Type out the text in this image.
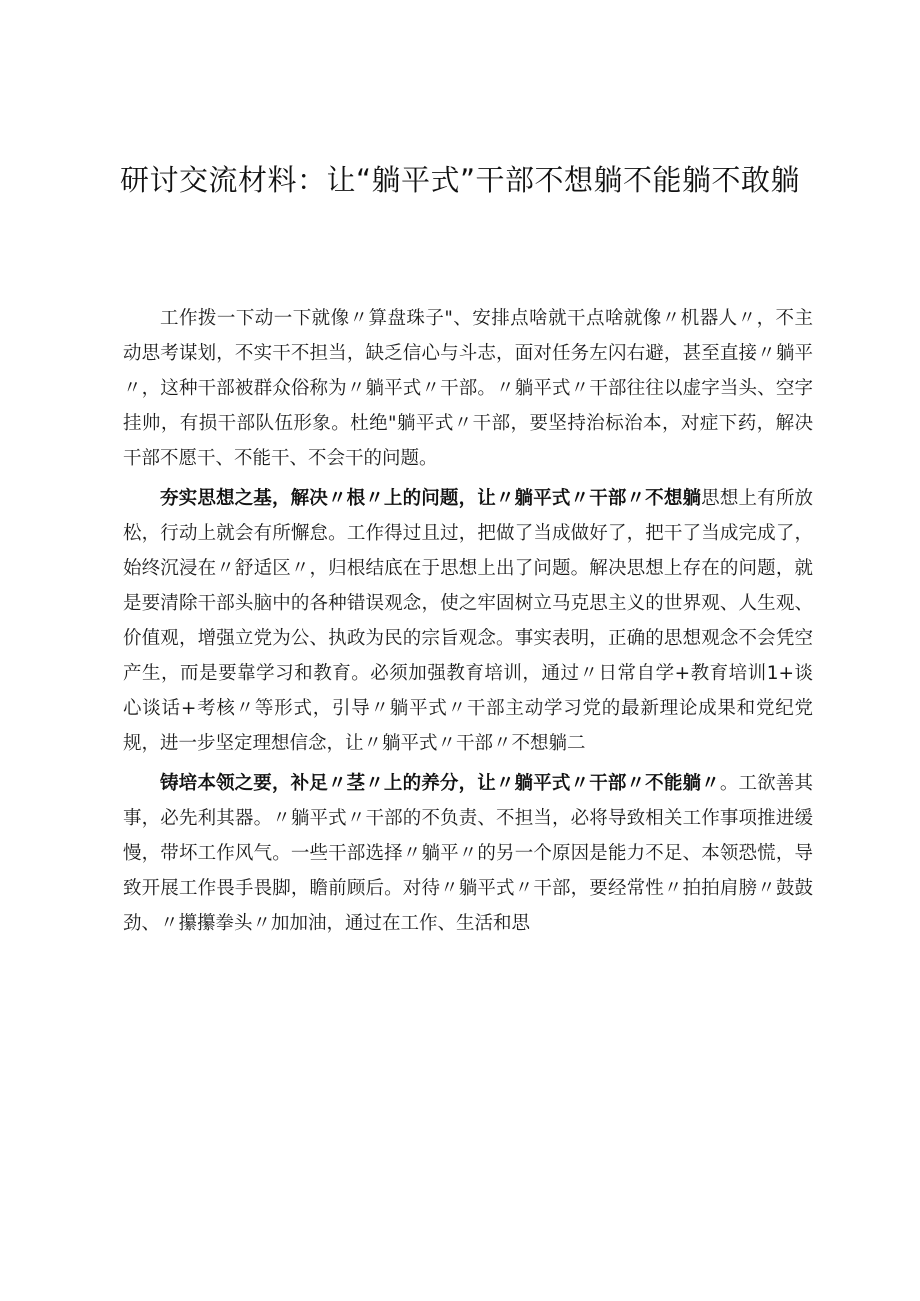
研讨交流材料：让“躺平式”干部不想躺不能躺不敢躺

工作拨一下动一下就像〃算盘珠子"、安排点啥就干点啥就像〃机器人〃，不主动思考谋划，不实干不担当，缺乏信心与斗志，面对任务左闪右避，甚至直接〃躺平〃，这种干部被群众俗称为〃躺平式〃干部。〃躺平式〃干部往往以虚字当头、空字挂帅，有损干部队伍形象。杜绝"躺平式〃干部，要坚持治标治本，对症下药，解决干部不愿干、不能干、不会干的问题。

夯实思想之基，解决〃根〃上的问题，让〃躺平式〃干部〃不想躺思想上有所放松，行动上就会有所懈怠。工作得过且过，把做了当成做好了，把干了当成完成了，始终沉浸在〃舒适区〃，归根结底在于思想上出了问题。解决思想上存在的问题，就是要清除干部头脑中的各种错误观念，使之牢固树立马克思主义的世界观、人生观、价值观，增强立党为公、执政为民的宗旨观念。事实表明，正确的思想观念不会凭空产生，而是要靠学习和教育。必须加强教育培训，通过〃日常自学+教育培训1+谈心谈话+考核〃等形式，引导〃躺平式〃干部主动学习党的最新理论成果和党纪党规，进一步坚定理想信念，让〃躺平式〃干部〃不想躺二

铸培本领之要，补足〃茎〃上的养分，让〃躺平式〃干部〃不能躺〃。工欲善其事，必先利其器。〃躺平式〃干部的不负责、不担当，必将导致相关工作事项推进缓慢，带坏工作风气。一些干部选择〃躺平〃的另一个原因是能力不足、本领恐慌，导致开展工作畏手畏脚，瞻前顾后。对待〃躺平式〃干部，要经常性〃拍拍肩膀〃鼓鼓劲、〃攥攥拳头〃加加油，通过在工作、生活和思
